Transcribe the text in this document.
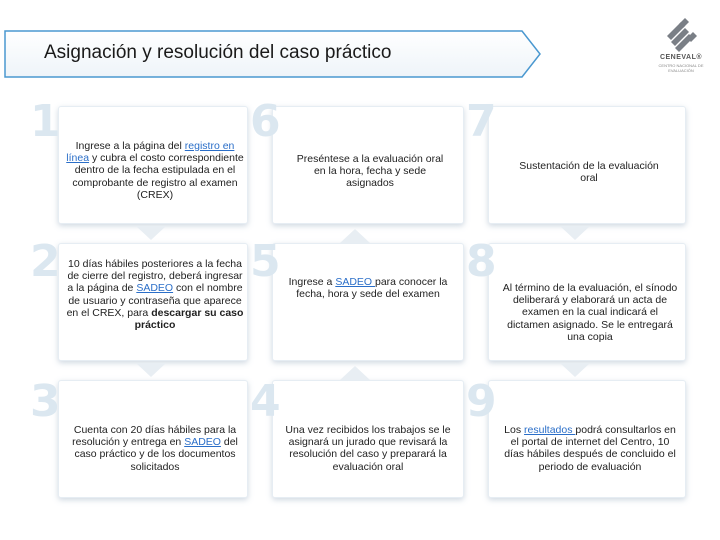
Asignación y resolución del caso práctico	CENEVAL®
CENTRO NACIONAL DE EVALUACIÓN
1	Ingrese a la página del registro en línea y cubra el costo correspondiente dentro de la fecha estipulada en el comprobante de registro al examen (CREX)
2 10 días hábiles posteriores a la fecha de cierre del registro, deberá ingresar a la página de SADEO con el nombre de usuario y contraseña que aparece en el CREX, para descargar su caso práctico
3
Cuenta con 20 días hábiles para la resolución y entrega en SADEO del caso práctico y de los documentos solicitados
6
Preséntese a la evaluación oral en la hora, fecha y sede asignados
5 Ingrese a SADEO para conocer la fecha, hora y sede del examen
4
Una vez recibidos los trabajos se le asignará un jurado que revisará la resolución del caso y preparará la evaluación oral
7
Sustentación de la evaluación oral
8
Al término de la evaluación, el sínodo deliberará y elaborará un acta de examen en la cual indicará el dictamen asignado. Se le entregará una copia
9
Los resultados podrá consultarlos en el portal de internet del Centro, 10 días hábiles después de concluido el periodo de evaluación
